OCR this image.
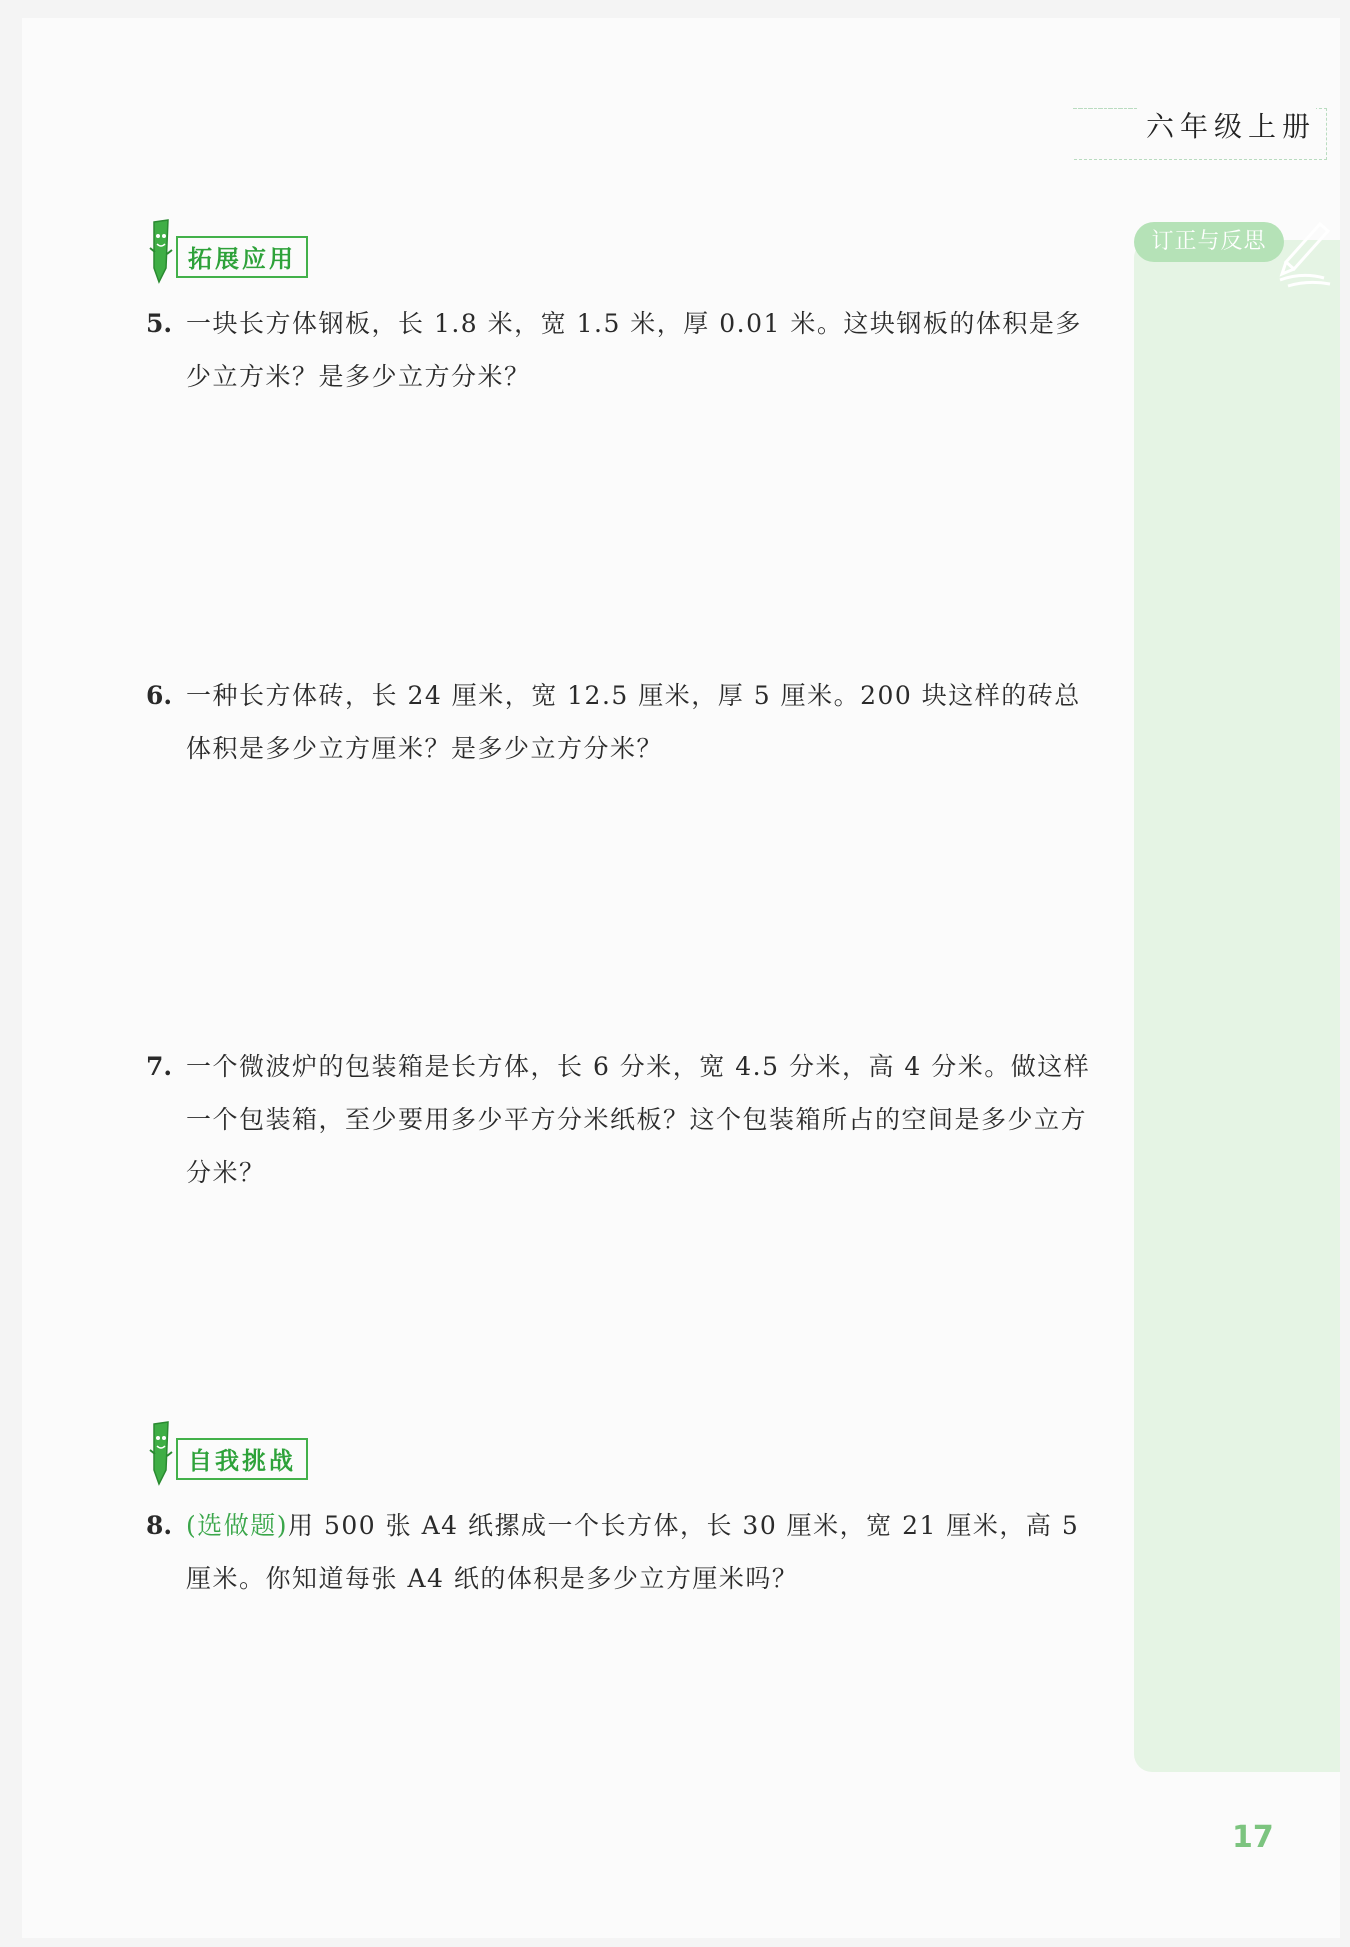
六年级上册
订正与反思
拓展应用
5. 一块长方体钢板，长 1.8 米，宽 1.5 米，厚 0.01 米。这块钢板的体积是多少立方米？是多少立方分米？
6. 一种长方体砖，长 24 厘米，宽 12.5 厘米，厚 5 厘米。200 块这样的砖总体积是多少立方厘米？是多少立方分米？
7. 一个微波炉的包装箱是长方体，长 6 分米，宽 4.5 分米，高 4 分米。做这样一个包装箱，至少要用多少平方分米纸板？这个包装箱所占的空间是多少立方分米？
自我挑战
8. (选做题)用 500 张 A4 纸摞成一个长方体，长 30 厘米，宽 21 厘米，高 5 厘米。你知道每张 A4 纸的体积是多少立方厘米吗？
17
